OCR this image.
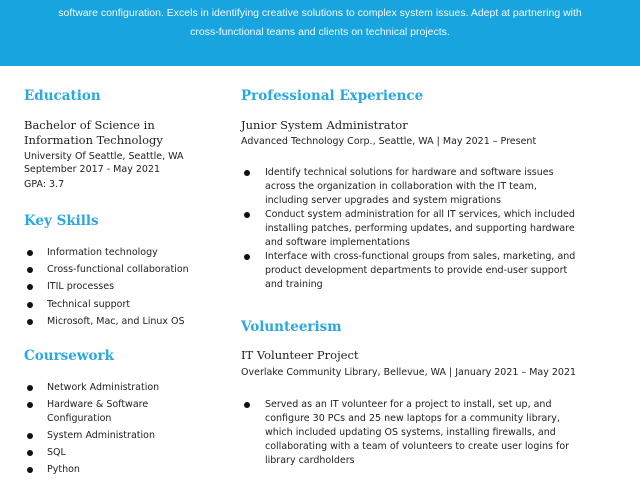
software configuration. Excels in identifying creative solutions to complex system issues. Adept at partnering with
cross-functional teams and clients on technical projects.
Education
Bachelor of Science in
Information Technology
University Of Seattle, Seattle, WA
September 2017 - May 2021
GPA: 3.7
Key Skills
Information technology
Cross-functional collaboration
ITIL processes
Technical support
Microsoft, Mac, and Linux OS
Coursework
Network Administration
Hardware & Software
Configuration
System Administration
SQL
Python
Professional Experience
Junior System Administrator
Advanced Technology Corp., Seattle, WA | May 2021 – Present
Identify technical solutions for hardware and software issues
across the organization in collaboration with the IT team,
including server upgrades and system migrations
Conduct system administration for all IT services, which included
installing patches, performing updates, and supporting hardware
and software implementations
Interface with cross-functional groups from sales, marketing, and
product development departments to provide end-user support
and training
Volunteerism
IT Volunteer Project
Overlake Community Library, Bellevue, WA | January 2021 – May 2021
Served as an IT volunteer for a project to install, set up, and
configure 30 PCs and 25 new laptops for a community library,
which included updating OS systems, installing firewalls, and
collaborating with a team of volunteers to create user logins for
library cardholders
